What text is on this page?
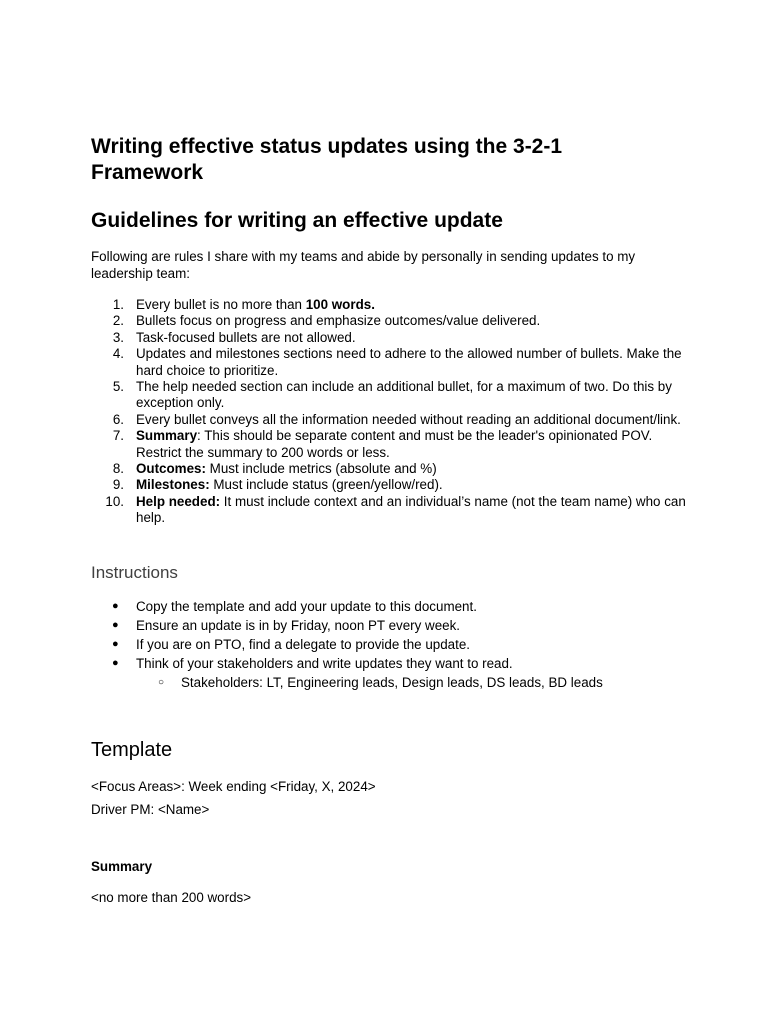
Writing effective status updates using the 3-2-1 Framework
Guidelines for writing an effective update

Following are rules I share with my teams and abide by personally in sending updates to my leadership team:

1. Every bullet is no more than 100 words.
2. Bullets focus on progress and emphasize outcomes/value delivered.
3. Task-focused bullets are not allowed.
4. Updates and milestones sections need to adhere to the allowed number of bullets. Make the hard choice to prioritize.
5. The help needed section can include an additional bullet, for a maximum of two. Do this by exception only.
6. Every bullet conveys all the information needed without reading an additional document/link.
7. Summary: This should be separate content and must be the leader's opinionated POV. Restrict the summary to 200 words or less.
8. Outcomes: Must include metrics (absolute and %)
9. Milestones: Must include status (green/yellow/red).
10. Help needed: It must include context and an individual’s name (not the team name) who can help.
Instructions
● Copy the template and add your update to this document.
● Ensure an update is in by Friday, noon PT every week.
● If you are on PTO, find a delegate to provide the update.
● Think of your stakeholders and write updates they want to read.
○ Stakeholders: LT, Engineering leads, Design leads, DS leads, BD leads
Template

<Focus Areas>: Week ending <Friday, X, 2024>

Driver PM: <Name>

Summary

<no more than 200 words>
